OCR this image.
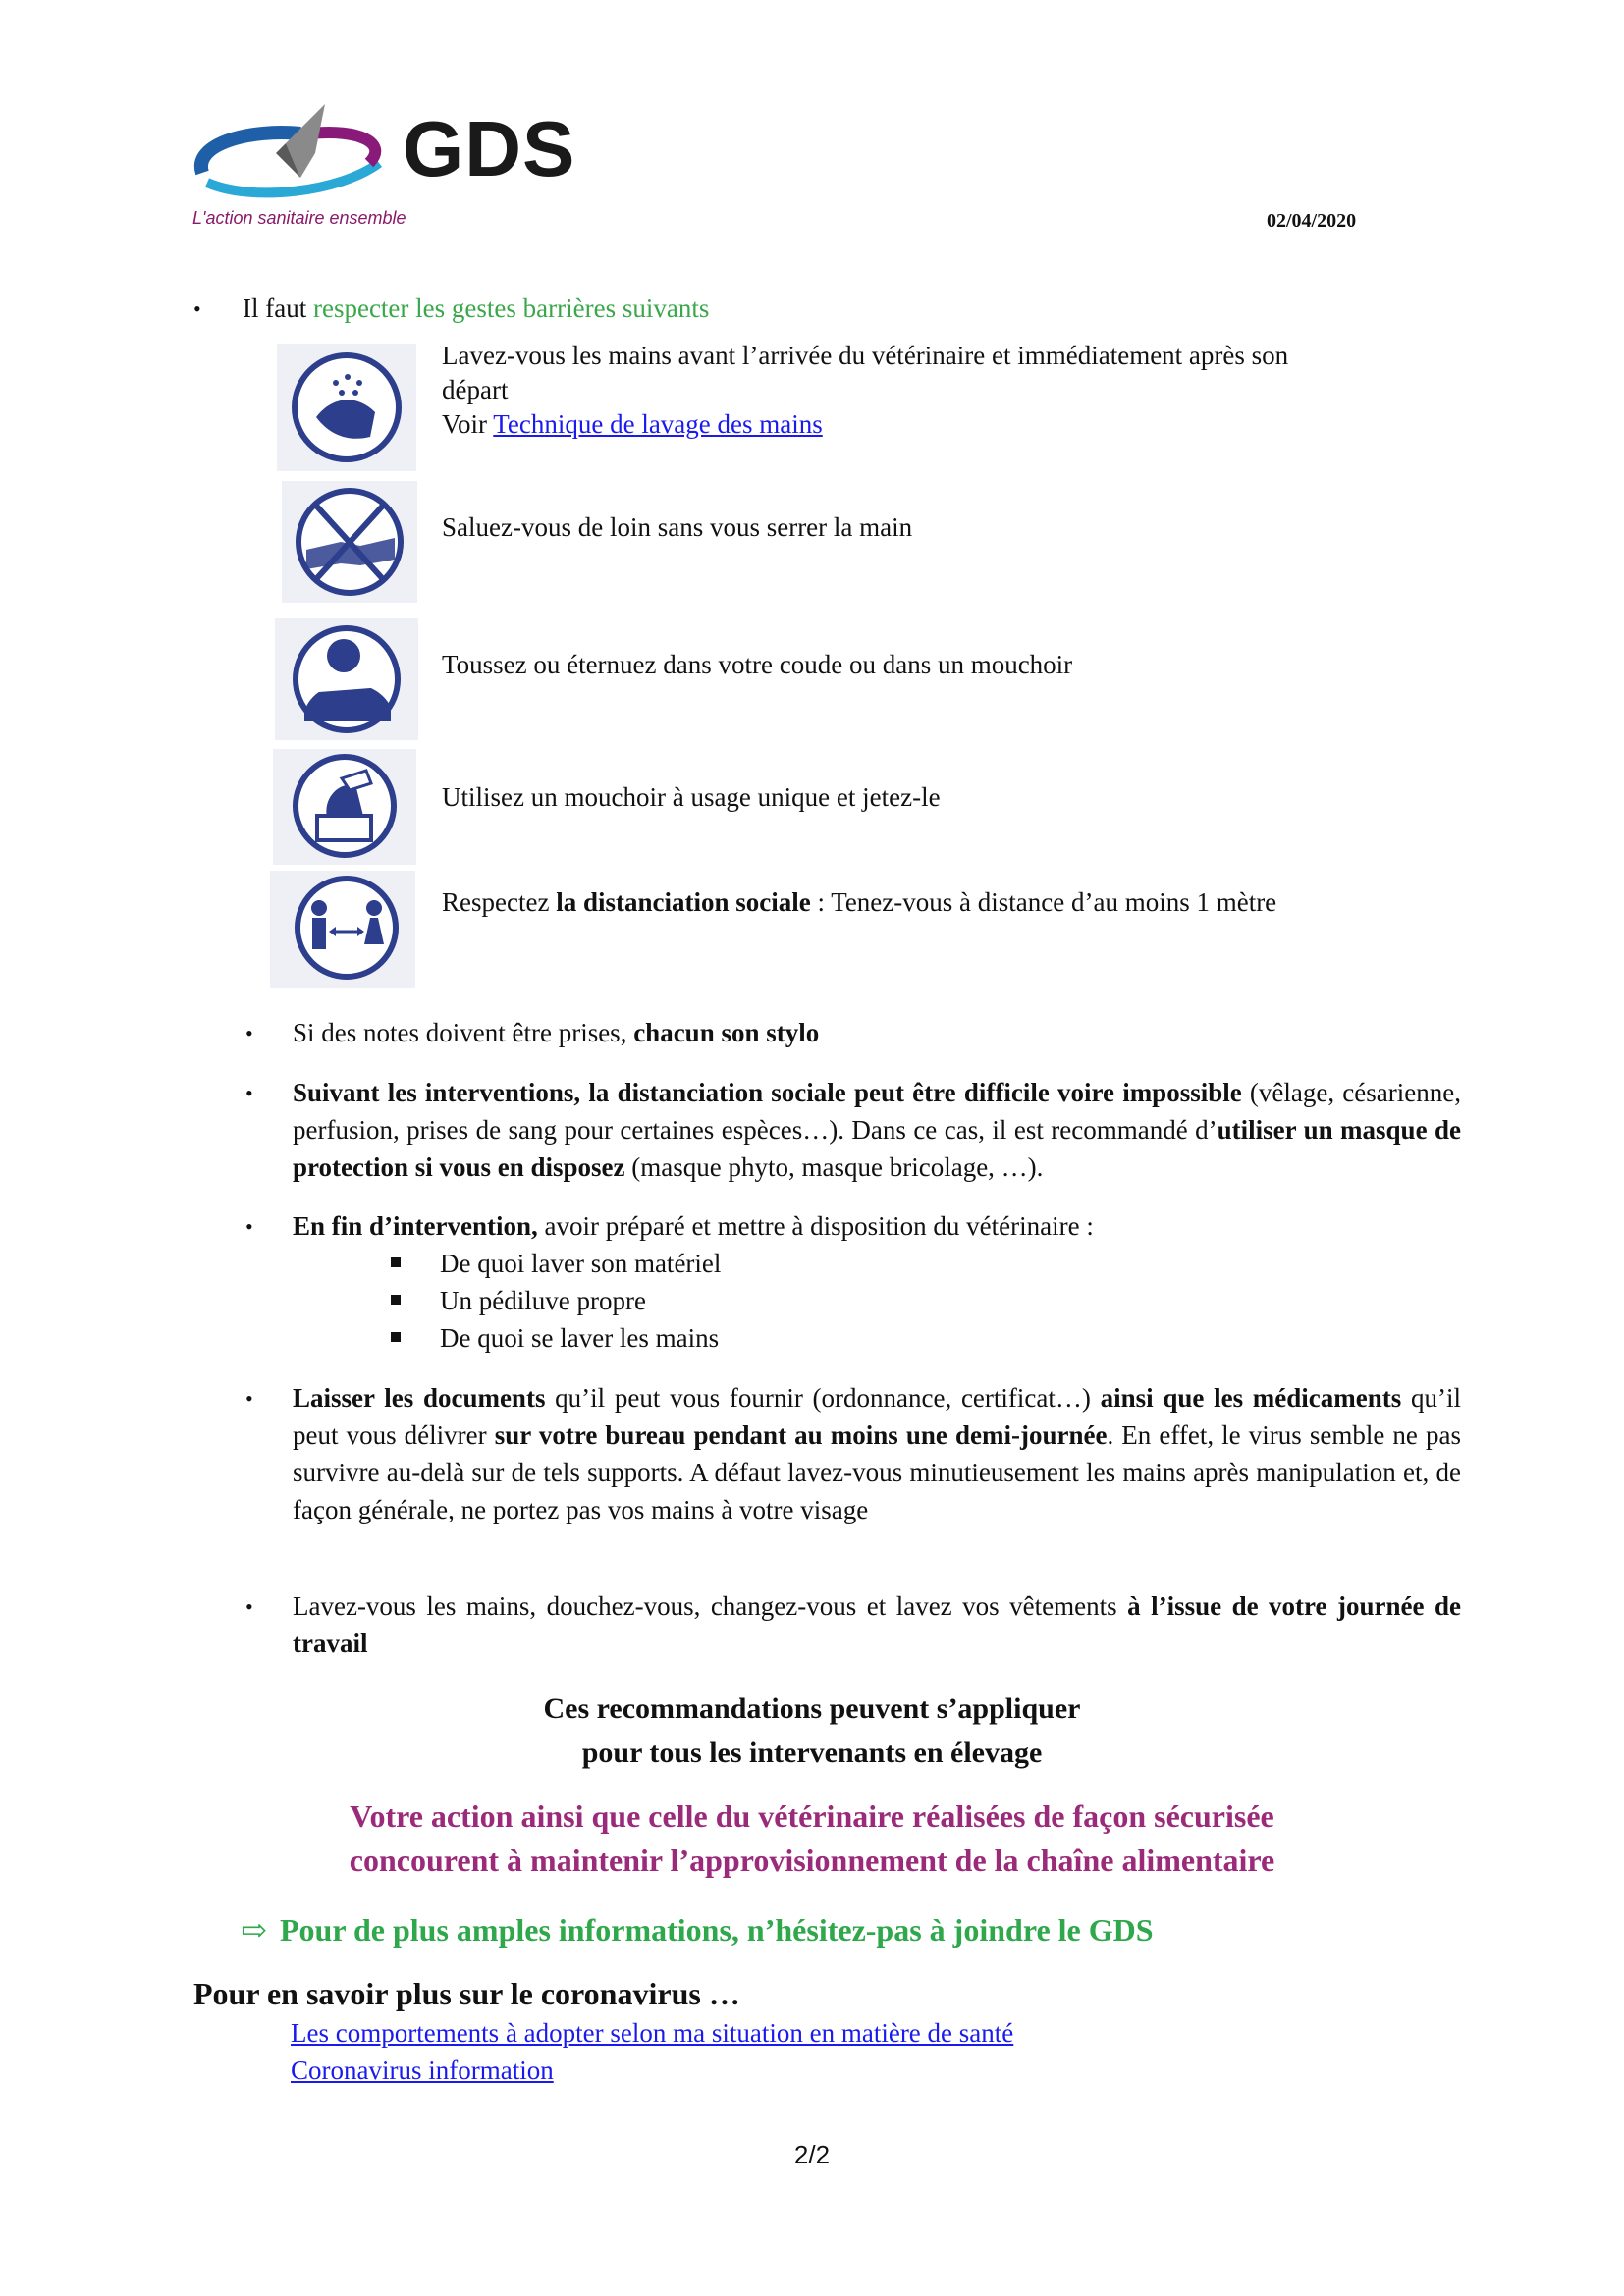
GDS
L'action sanitaire ensemble	02/04/2020
• Il faut respecter les gestes barrières suivants
Lavez-vous les mains avant l’arrivée du vétérinaire et immédiatement après son
départ
Voir Technique de lavage des mains
Saluez-vous de loin sans vous serrer la main
Toussez ou éternuez dans votre coude ou dans un mouchoir
Utilisez un mouchoir à usage unique et jetez-le
Respectez la distanciation sociale : Tenez-vous à distance d’au moins 1 mètre
• Si des notes doivent être prises, chacun son stylo
• Suivant les interventions, la distanciation sociale peut être difficile voire impossible (vêlage, césarienne, perfusion, prises de sang pour certaines espèces…). Dans ce cas, il est recommandé d’utiliser un masque de protection si vous en disposez (masque phyto, masque bricolage, …).
• En fin d’intervention, avoir préparé et mettre à disposition du vétérinaire :
De quoi laver son matériel
Un pédiluve propre
De quoi se laver les mains
• Laisser les documents qu’il peut vous fournir (ordonnance, certificat…) ainsi que les médicaments qu’il peut vous délivrer sur votre bureau pendant au moins une demi-journée. En effet, le virus semble ne pas survivre au-delà sur de tels supports. A défaut lavez-vous minutieusement les mains après manipulation et, de façon générale, ne portez pas vos mains à votre visage
• Lavez-vous les mains, douchez-vous, changez-vous et lavez vos vêtements à l’issue de votre journée de travail
Ces recommandations peuvent s’appliquer
pour tous les intervenants en élevage
Votre action ainsi que celle du vétérinaire réalisées de façon sécurisée
concourent à maintenir l’approvisionnement de la chaîne alimentaire
⇨ Pour de plus amples informations, n’hésitez-pas à joindre le GDS
Pour en savoir plus sur le coronavirus …
Les comportements à adopter selon ma situation en matière de santé
Coronavirus information
2/2
